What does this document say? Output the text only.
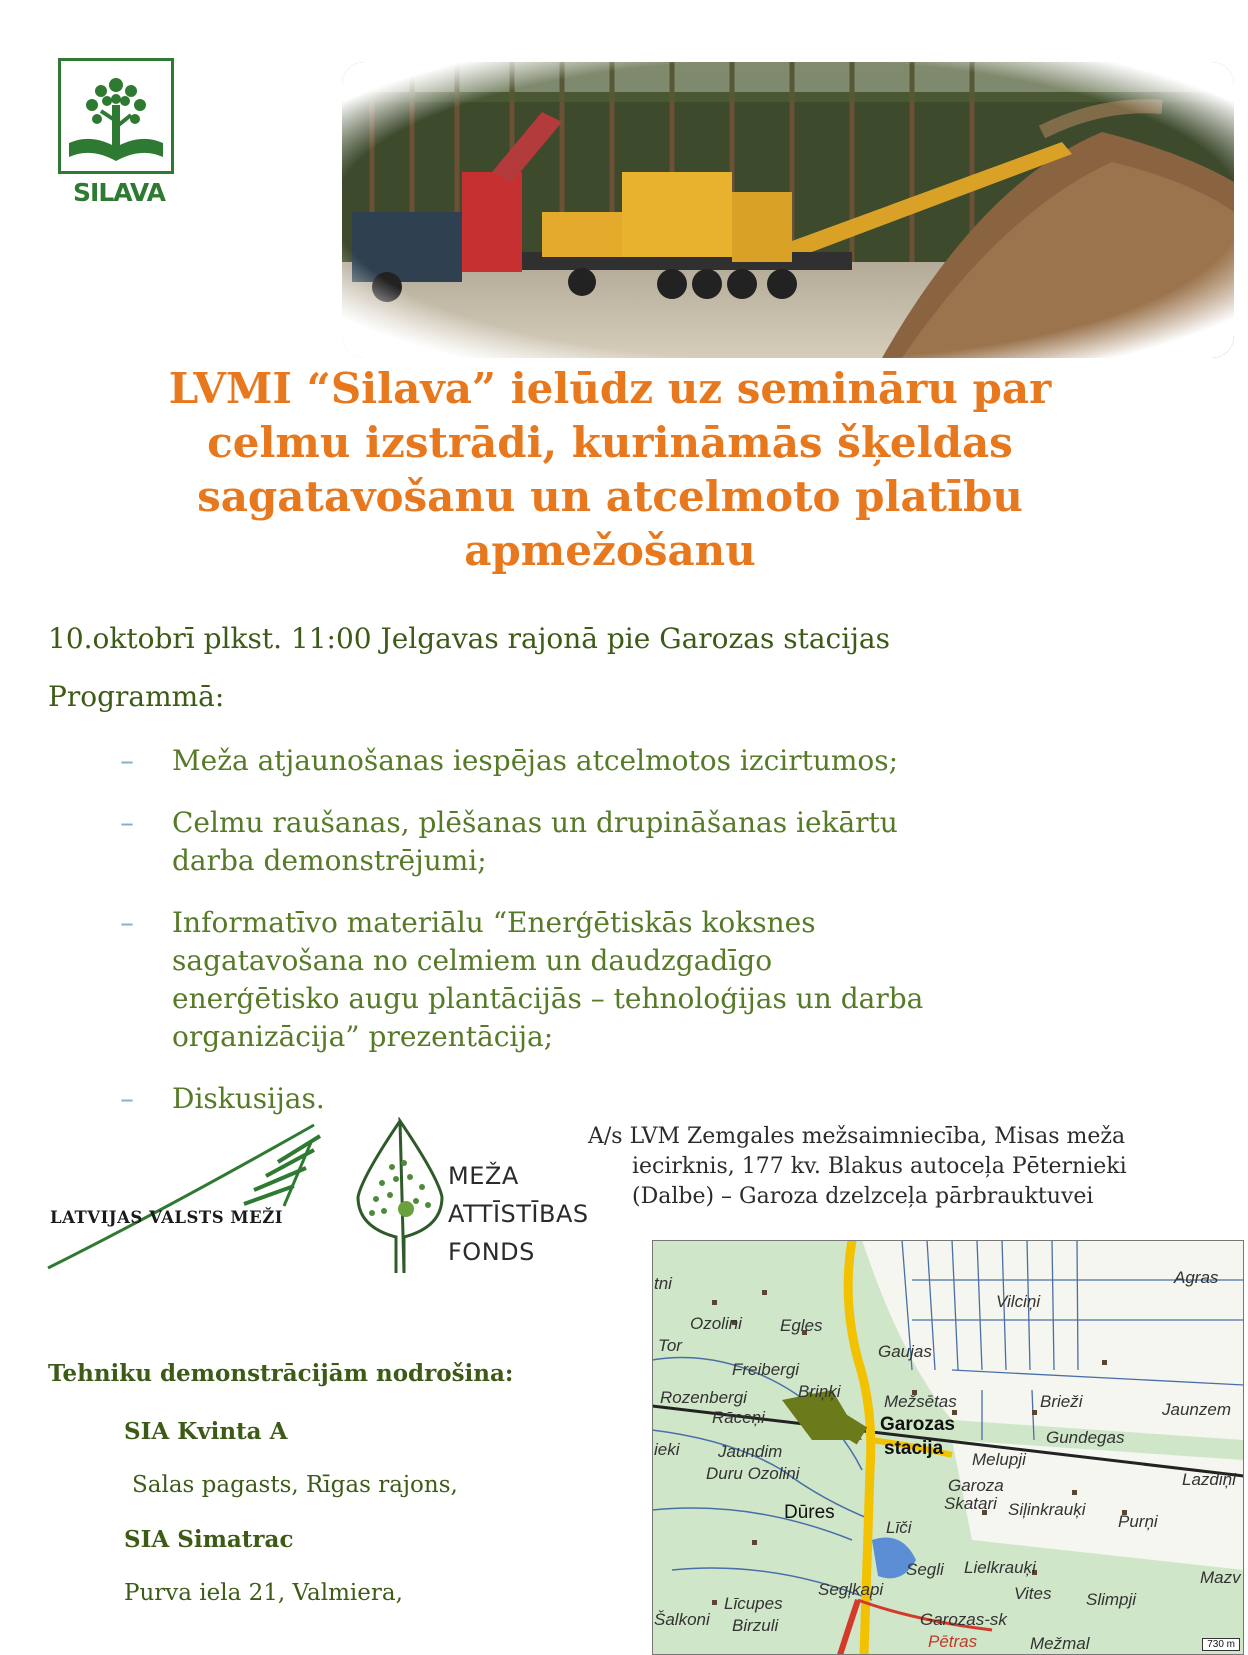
SILAVA
LVMI “Silava” ielūdz uz semināru par
celmu izstrādi, kurināmās šķeldas
sagatavošanu un atcelmoto platību
apmežošanu
10.oktobrī plkst. 11:00 Jelgavas rajonā pie Garozas stacijas
Programmā:
– Meža atjaunošanas iespējas atcelmotos izcirtumos;
– Celmu raušanas, plēšanas un drupināšanas iekārtu
darba demonstrējumi;
– Informatīvo materiālu “Enerģētiskās koksnes
sagatavošana no celmiem un daudzgadīgo
enerģētisko augu plantācijās – tehnoloģijas un darba
organizācija” prezentācija;
– Diskusijas.
LATVIJAS VALSTS MEŽI
MEŽA
ATTĪSTĪBAS
FONDS
A/s LVM Zemgales mežsaimniecība, Misas meža
iecirknis, 177 kv. Blakus autoceļa Pēternieki
(Dalbe) – Garoza dzelzceļa pārbrauktuvei
Tehniku demonstrācijām nodrošina:
SIA Kvinta A
Salas pagasts, Rīgas rajons,
SIA Simatrac
Purva iela 21, Valmiera,
tni
Ozolini Egles
Vilciņi
Agras
Tor	Gaujas
Freibergi
Briņķi
Rozenbergi
Rāceņi
Mežsētas	Brieži	Jaunzem
Garozas
stacija
Gundegas
ieki Jaundim	Melupji
Lazdiņi
Duru Ozolini
Garoza
Skatari Siļinkrauķi
Purņi
Dūres
Līči
Segli Lielkrauķi
Mazv
Vites Slimpji
Segļkapi
Līcupes
Birzuli
Šalkoni	Garozas-sk
Pētras	Mežmal	730 m
